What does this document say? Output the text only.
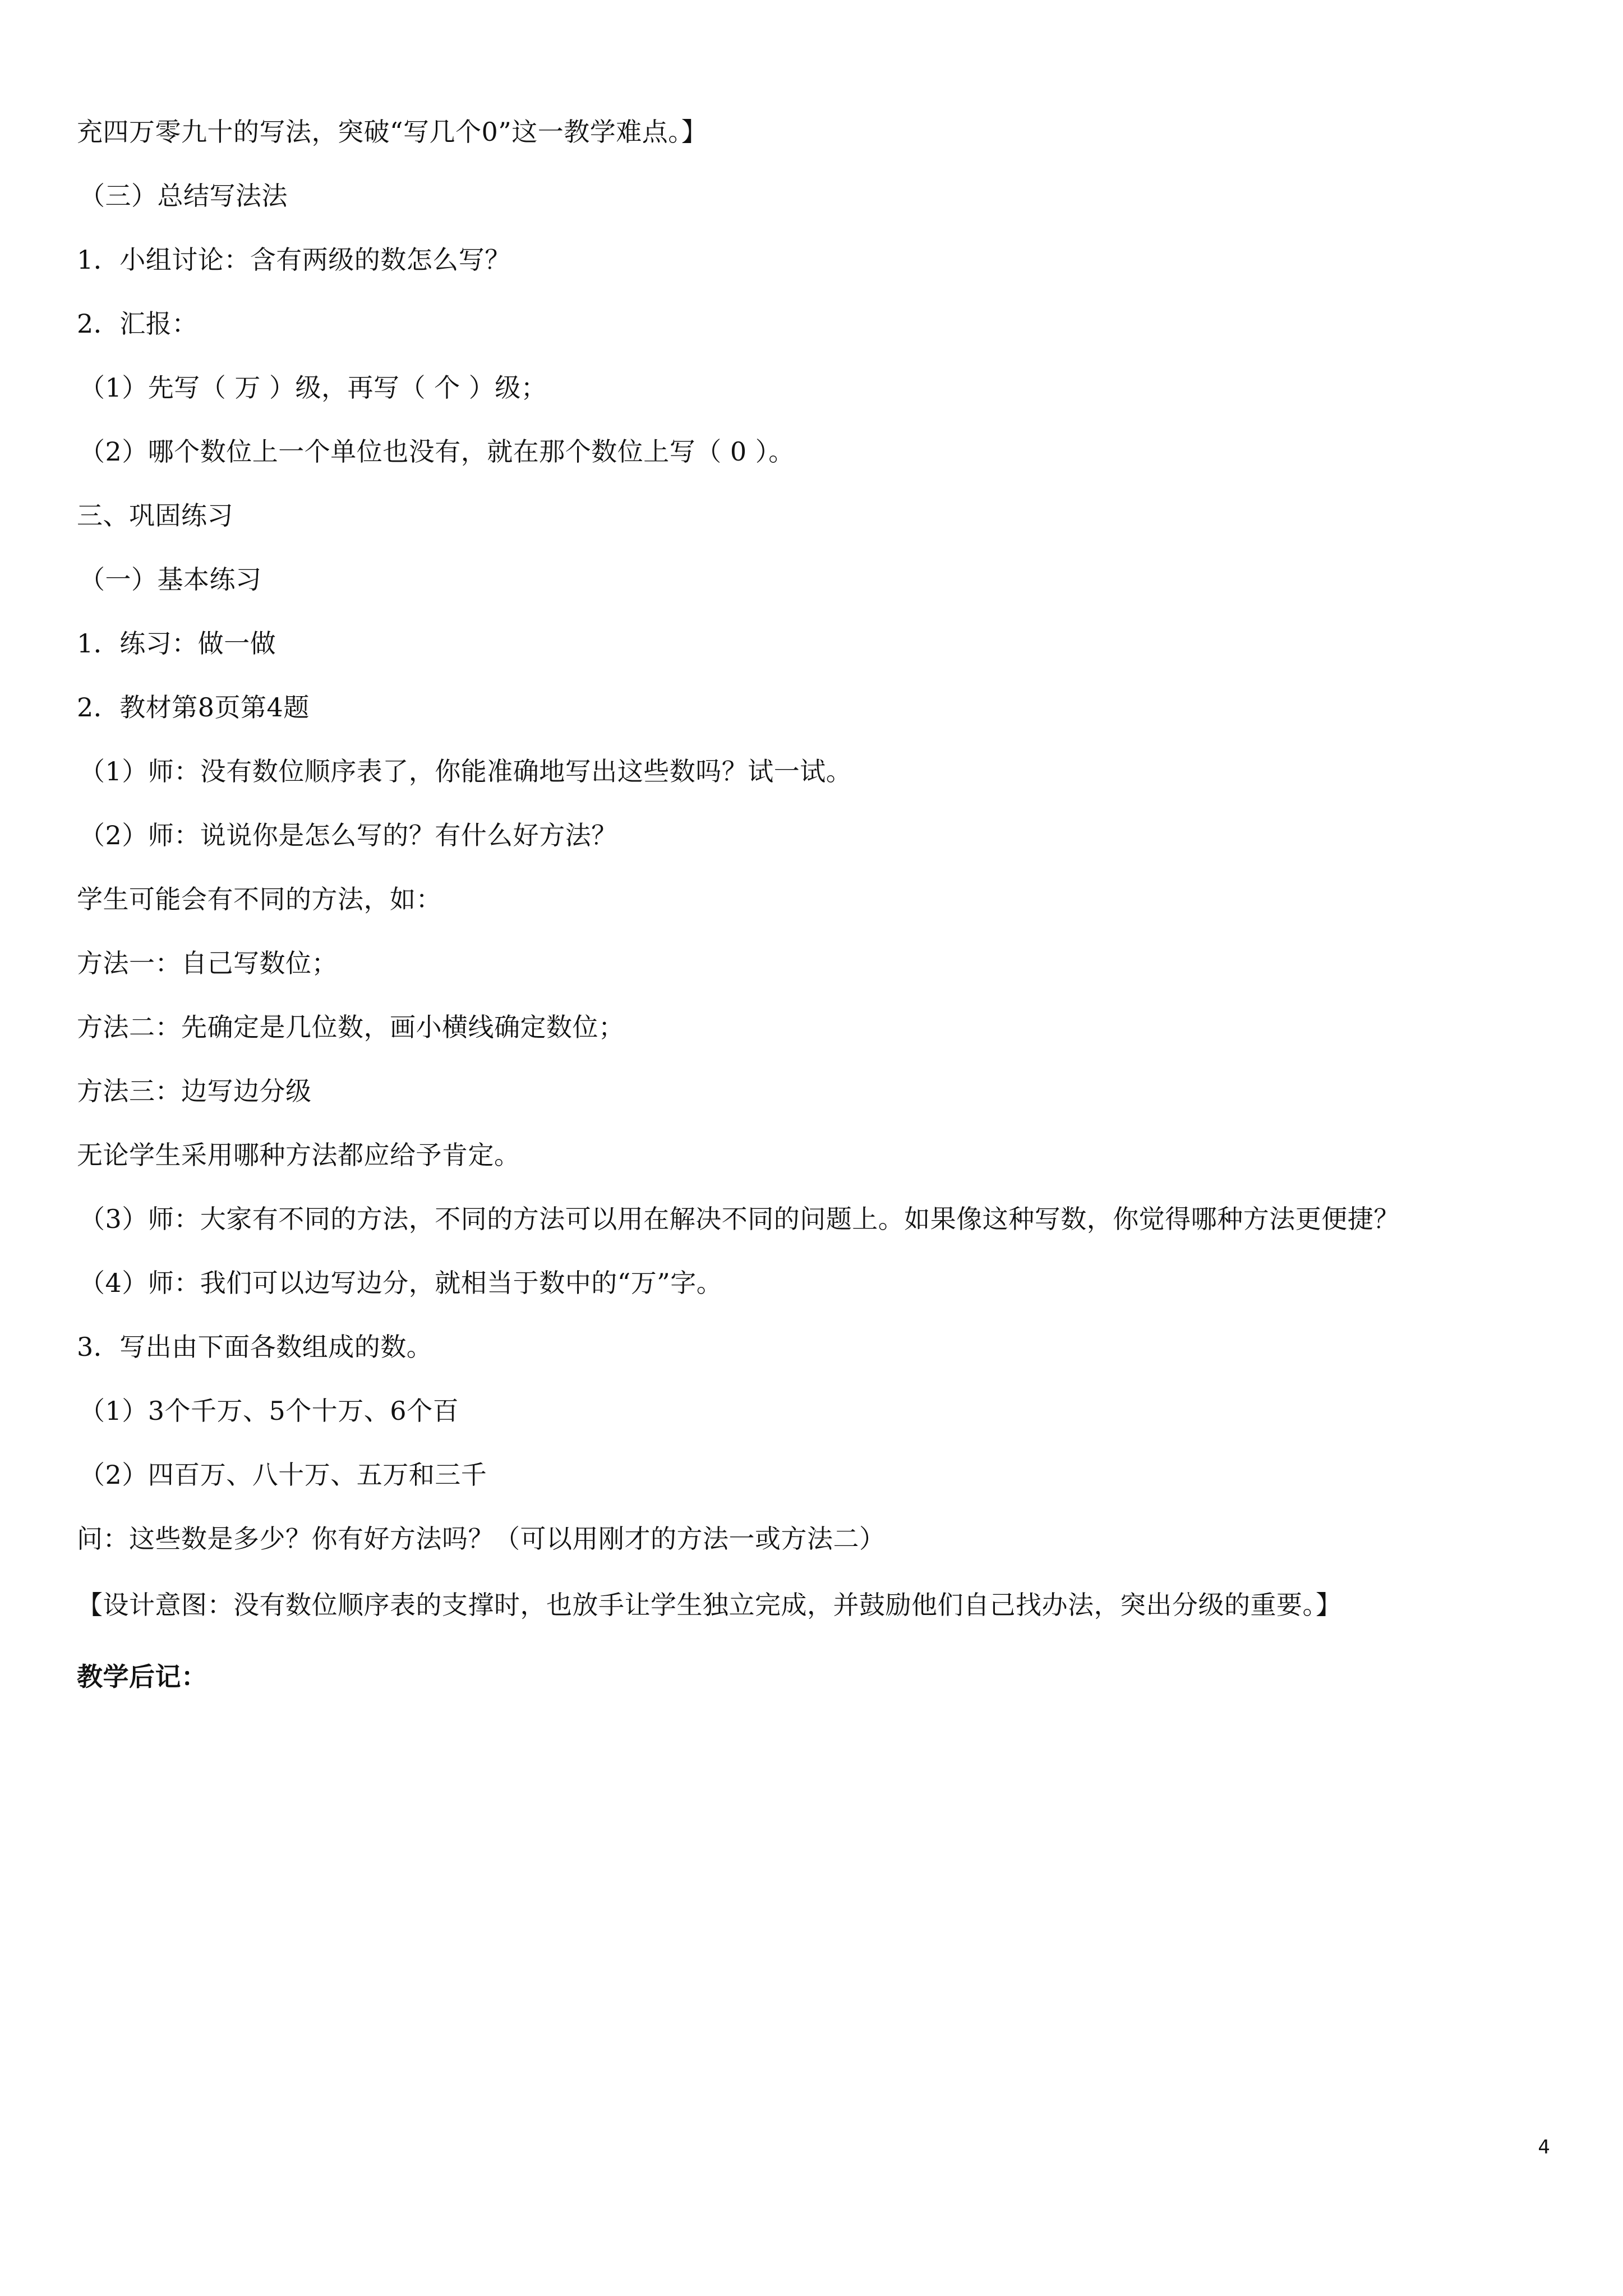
充四万零九十的写法，突破“写几个0”这一教学难点。】
（三）总结写法法
1．小组讨论：含有两级的数怎么写？
2．汇报：
（1）先写（ 万 ）级，再写（ 个 ）级；
（2）哪个数位上一个单位也没有，就在那个数位上写（ 0 ）。
三、巩固练习
（一）基本练习
1．练习：做一做
2．教材第8页第4题
（1）师：没有数位顺序表了，你能准确地写出这些数吗？试一试。
（2）师：说说你是怎么写的？有什么好方法？
学生可能会有不同的方法，如：
方法一：自己写数位；
方法二：先确定是几位数，画小横线确定数位；
方法三：边写边分级
无论学生采用哪种方法都应给予肯定。
（3）师：大家有不同的方法，不同的方法可以用在解决不同的问题上。如果像这种写数，你觉得哪种方法更便捷？
（4）师：我们可以边写边分，就相当于数中的“万”字。
3．写出由下面各数组成的数。
（1）3个千万、5个十万、6个百
（2）四百万、八十万、五万和三千
问：这些数是多少？你有好方法吗？（可以用刚才的方法一或方法二）
【设计意图：没有数位顺序表的支撑时，也放手让学生独立完成，并鼓励他们自己找办法，突出分级的重要。】
教学后记：
4
